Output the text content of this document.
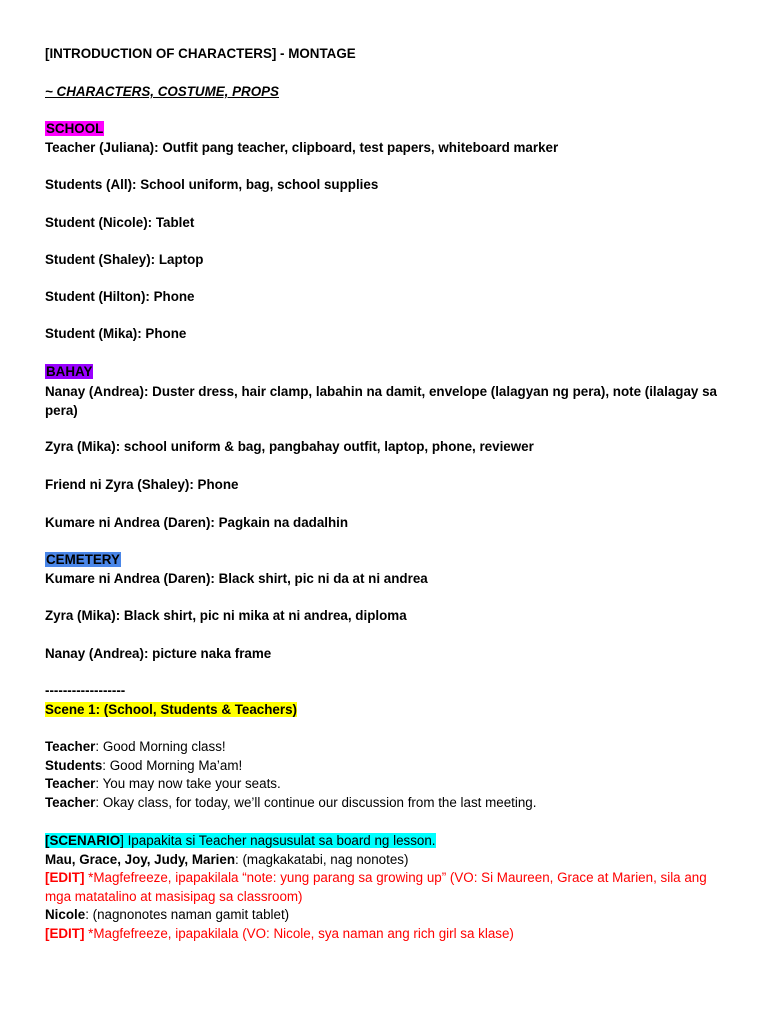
[INTRODUCTION OF CHARACTERS] - MONTAGE
~ CHARACTERS, COSTUME, PROPS
SCHOOL
Teacher (Juliana): Outfit pang teacher, clipboard, test papers, whiteboard marker
Students (All): School uniform, bag, school supplies
Student (Nicole): Tablet
Student (Shaley): Laptop
Student (Hilton): Phone
Student (Mika): Phone
BAHAY
Nanay (Andrea): Duster dress, hair clamp, labahin na damit, envelope (lalagyan ng pera), note (ilalagay sa pera)
Zyra (Mika): school uniform & bag, pangbahay outfit, laptop, phone, reviewer
Friend ni Zyra (Shaley): Phone
Kumare ni Andrea (Daren): Pagkain na dadalhin
CEMETERY
Kumare ni Andrea (Daren): Black shirt, pic ni da at ni andrea
Zyra (Mika): Black shirt, pic ni mika at ni andrea, diploma
Nanay (Andrea): picture naka frame
------------------
Scene 1: (School, Students & Teachers)
Teacher: Good Morning class!
Students: Good Morning Ma’am!
Teacher: You may now take your seats.
Teacher: Okay class, for today, we’ll continue our discussion from the last meeting.
[SCENARIO] Ipapakita si Teacher nagsusulat sa board ng lesson.
Mau, Grace, Joy, Judy, Marien: (magkakatabi, nag nonotes)
[EDIT] *Magfefreeze, ipapakilala “note: yung parang sa growing up” (VO: Si Maureen, Grace at Marien, sila ang mga matatalino at masisipag sa classroom)
Nicole: (nagnonotes naman gamit tablet)
[EDIT] *Magfefreeze, ipapakilala (VO: Nicole, sya naman ang rich girl sa klase)
